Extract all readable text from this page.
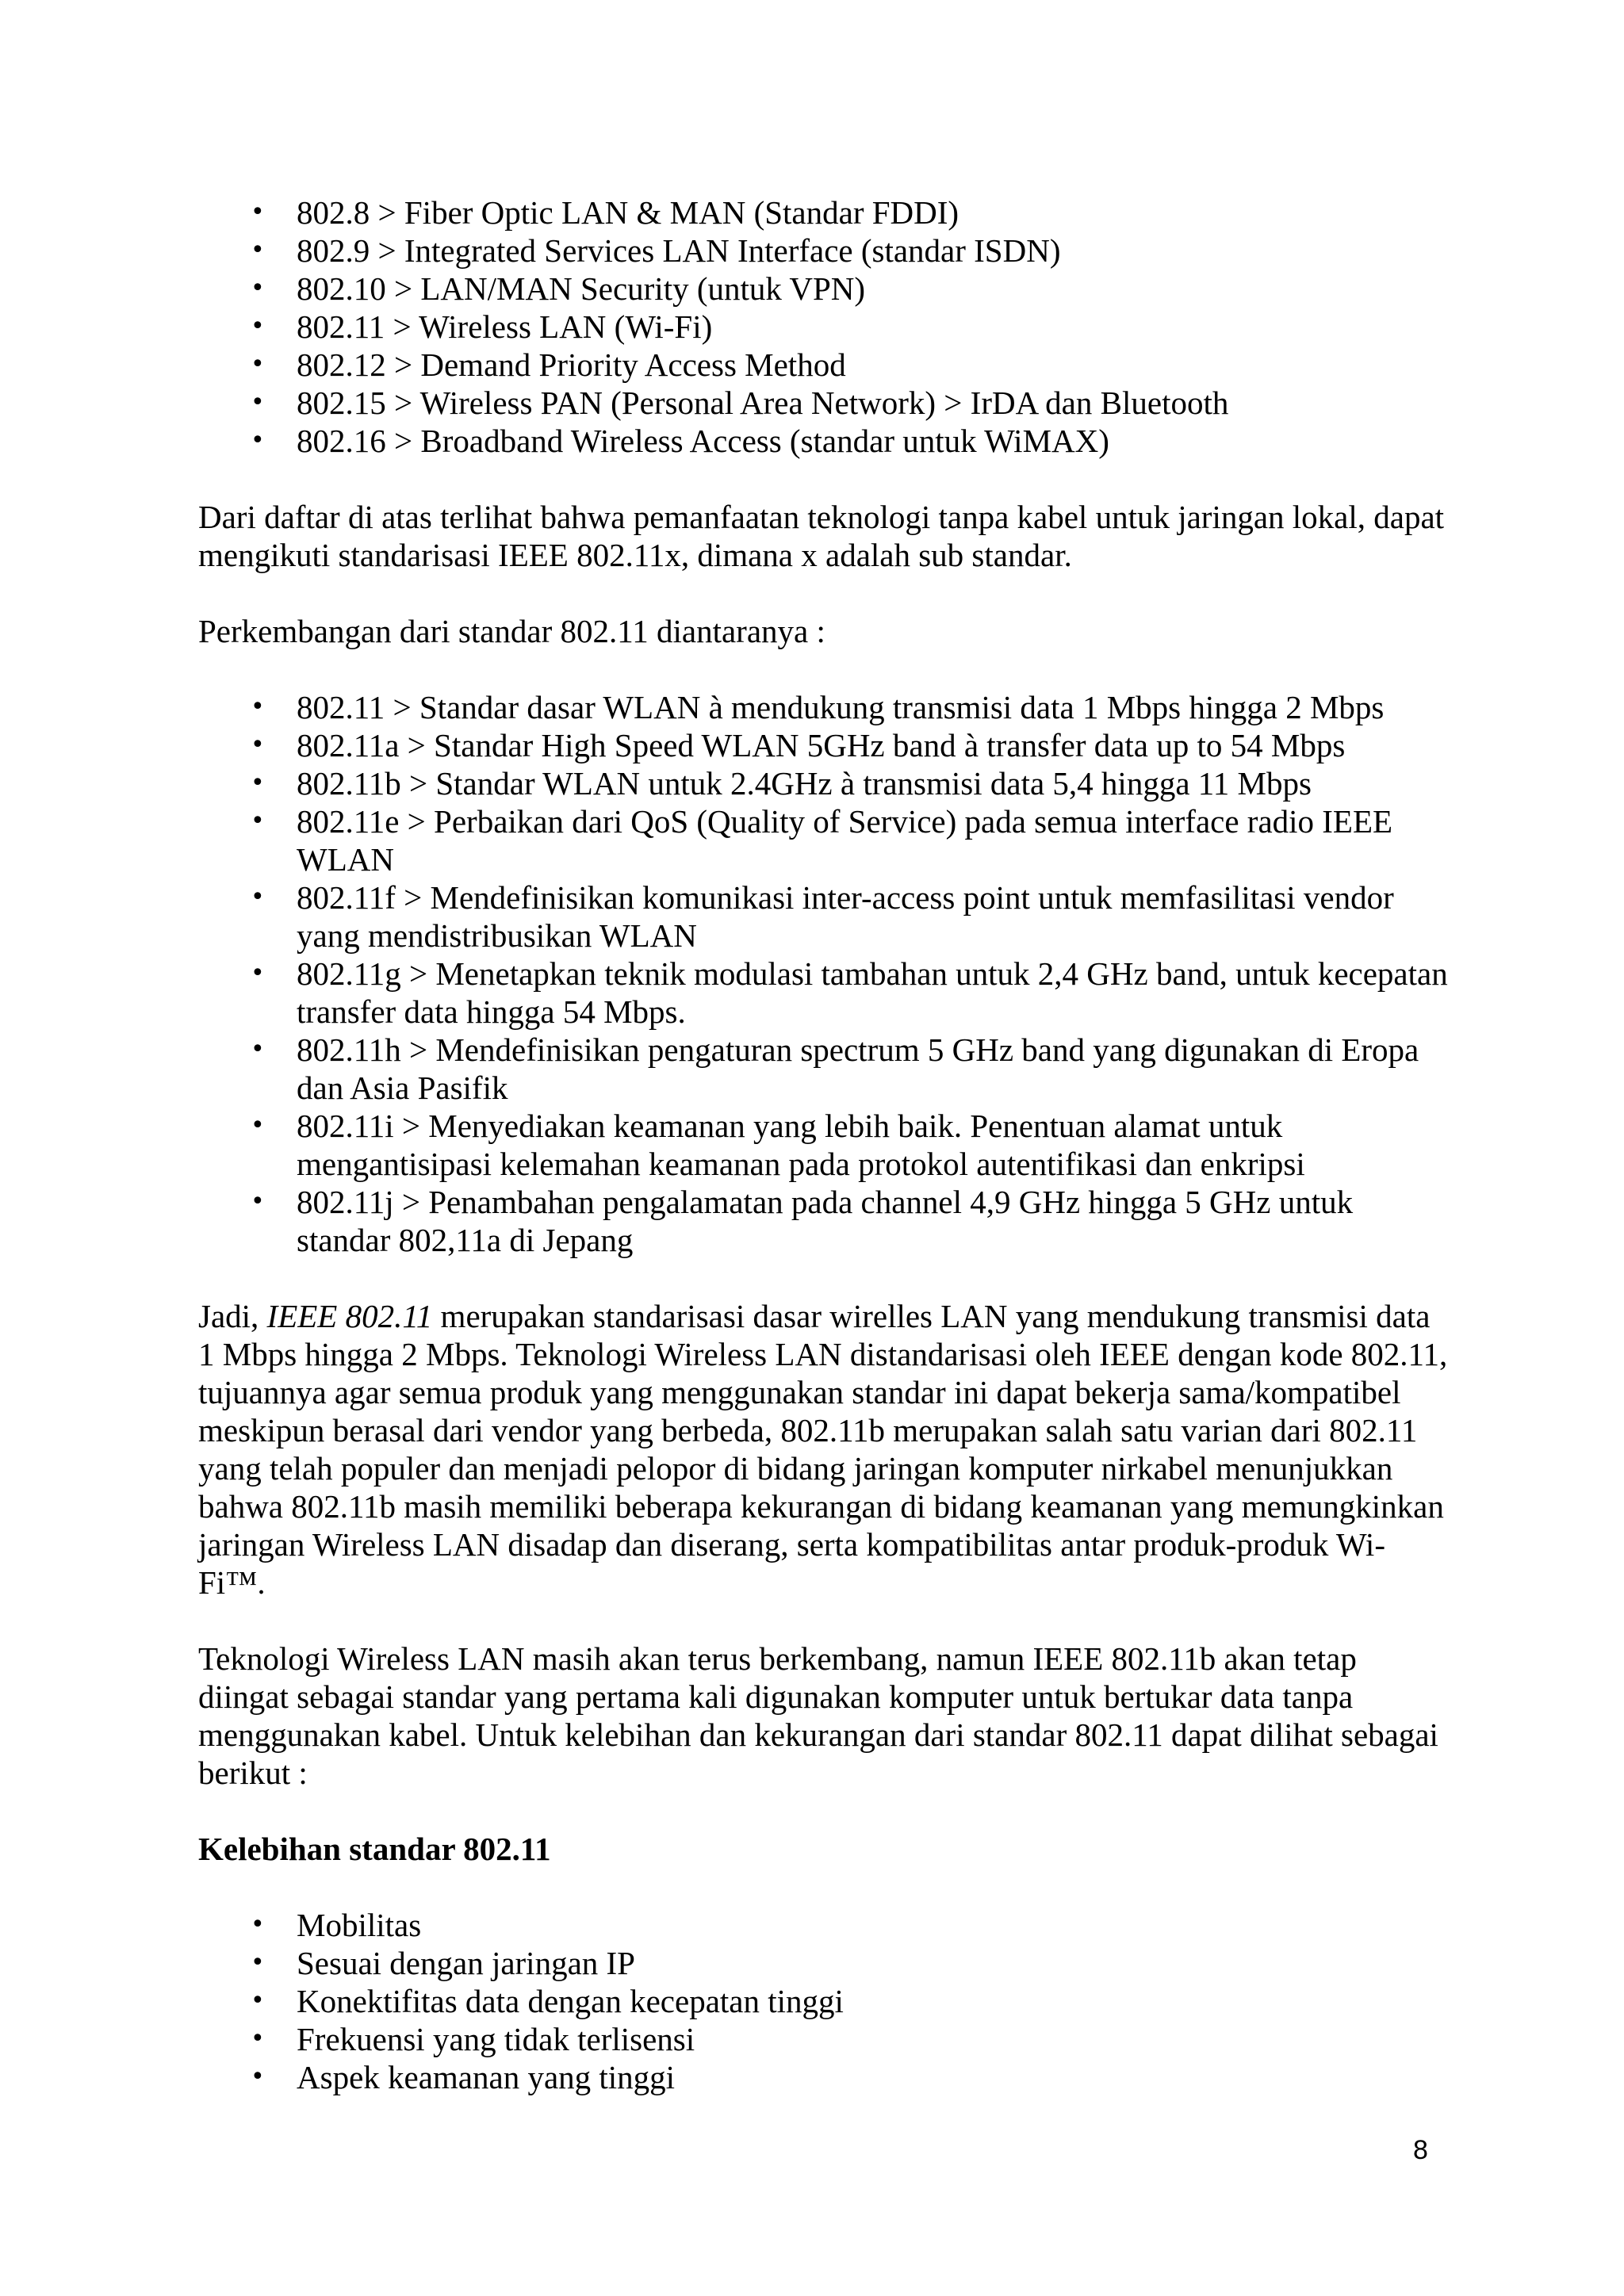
• 802.8 > Fiber Optic LAN & MAN (Standar FDDI)
• 802.9 > Integrated Services LAN Interface (standar ISDN)
• 802.10 > LAN/MAN Security (untuk VPN)
• 802.11 > Wireless LAN (Wi-Fi)
• 802.12 > Demand Priority Access Method
• 802.15 > Wireless PAN (Personal Area Network) > IrDA dan Bluetooth
• 802.16 > Broadband Wireless Access (standar untuk WiMAX)

Dari daftar di atas terlihat bahwa pemanfaatan teknologi tanpa kabel untuk jaringan lokal, dapat mengikuti standarisasi IEEE 802.11x, dimana x adalah sub standar.

Perkembangan dari standar 802.11 diantaranya :

• 802.11 > Standar dasar WLAN à mendukung transmisi data 1 Mbps hingga 2 Mbps
• 802.11a > Standar High Speed WLAN 5GHz band à transfer data up to 54 Mbps
• 802.11b > Standar WLAN untuk 2.4GHz à transmisi data 5,4 hingga 11 Mbps
• 802.11e > Perbaikan dari QoS (Quality of Service) pada semua interface radio IEEE WLAN
• 802.11f > Mendefinisikan komunikasi inter-access point untuk memfasilitasi vendor yang mendistribusikan WLAN
• 802.11g > Menetapkan teknik modulasi tambahan untuk 2,4 GHz band, untuk kecepatan transfer data hingga 54 Mbps.
• 802.11h > Mendefinisikan pengaturan spectrum 5 GHz band yang digunakan di Eropa dan Asia Pasifik
• 802.11i > Menyediakan keamanan yang lebih baik. Penentuan alamat untuk mengantisipasi kelemahan keamanan pada protokol autentifikasi dan enkripsi
• 802.11j > Penambahan pengalamatan pada channel 4,9 GHz hingga 5 GHz untuk standar 802,11a di Jepang

Jadi, IEEE 802.11 merupakan standarisasi dasar wirelles LAN yang mendukung transmisi data 1 Mbps hingga 2 Mbps. Teknologi Wireless LAN distandarisasi oleh IEEE dengan kode 802.11, tujuannya agar semua produk yang menggunakan standar ini dapat bekerja sama/kompatibel meskipun berasal dari vendor yang berbeda, 802.11b merupakan salah satu varian dari 802.11 yang telah populer dan menjadi pelopor di bidang jaringan komputer nirkabel menunjukkan bahwa 802.11b masih memiliki beberapa kekurangan di bidang keamanan yang memungkinkan jaringan Wireless LAN disadap dan diserang, serta kompatibilitas antar produk-produk Wi-Fi™.

Teknologi Wireless LAN masih akan terus berkembang, namun IEEE 802.11b akan tetap diingat sebagai standar yang pertama kali digunakan komputer untuk bertukar data tanpa menggunakan kabel. Untuk kelebihan dan kekurangan dari standar 802.11 dapat dilihat sebagai berikut :

Kelebihan standar 802.11

• Mobilitas
• Sesuai dengan jaringan IP
• Konektifitas data dengan kecepatan tinggi
• Frekuensi yang tidak terlisensi
• Aspek keamanan yang tinggi
8
